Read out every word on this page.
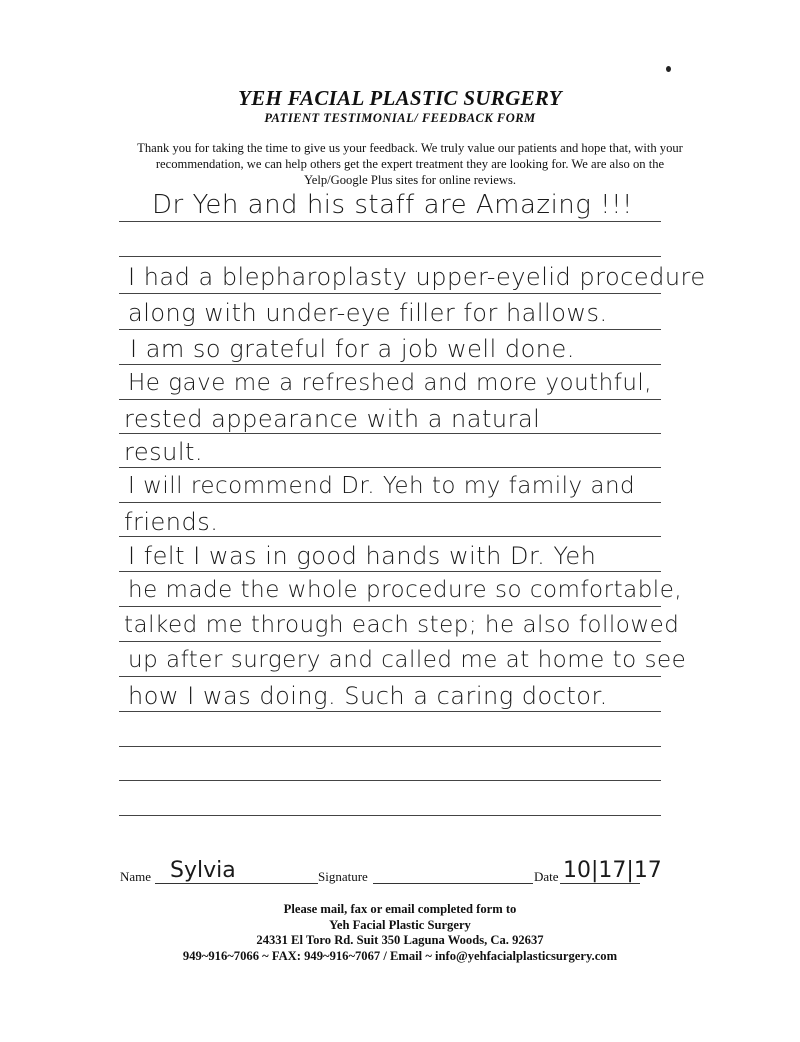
YEH FACIAL PLASTIC SURGERY
PATIENT TESTIMONIAL/ FEEDBACK FORM
Thank you for taking the time to give us your feedback. We truly value our patients and hope that, with your
recommendation, we can help others get the expert treatment they are looking for. We are also on the
Yelp/Google Plus sites for online reviews.
Dr Yeh and his staff are Amazing !!!
I had a blepharoplasty upper-eyelid procedure
along with under-eye filler for hallows.
I am so grateful for a job well done.
He gave me a refreshed and more youthful,
rested appearance with a natural
result.
I will recommend Dr. Yeh to my family and
friends.
I felt I was in good hands with Dr. Yeh
he made the whole procedure so comfortable,
talked me through each step; he also followed
up after surgery and called me at home to see
how I was doing. Such a caring doctor.
Name Sylvia	Signature	Date 10|17|17
Please mail, fax or email completed form to
Yeh Facial Plastic Surgery
24331 El Toro Rd. Suit 350 Laguna Woods, Ca. 92637
949~916~7066 ~ FAX: 949~916~7067 / Email ~ info@yehfacialplasticsurgery.com
